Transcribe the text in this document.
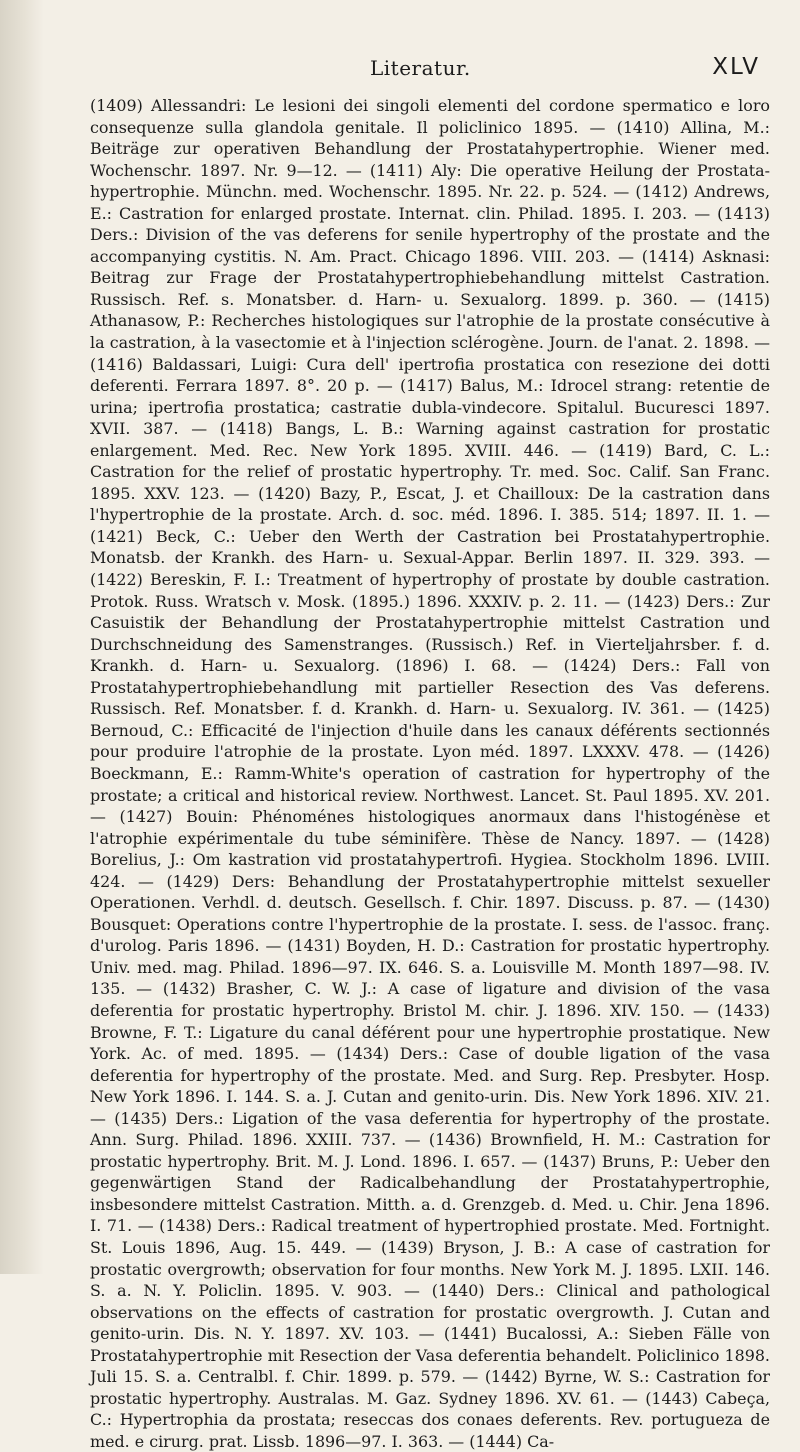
Literatur.	XLV

(1409) Allessandri: Le lesioni dei singoli elementi del cordone spermatico e loro consequenze sulla glandola genitale. Il policlinico 1895. — (1410) Allina, M.: Beiträge zur operativen Behandlung der Prostatahypertrophie. Wiener med. Wochenschr. 1897. Nr. 9—12. — (1411) Aly: Die operative Heilung der Prostata-hypertrophie. Münchn. med. Wochenschr. 1895. Nr. 22. p. 524. — (1412) Andrews, E.: Castration for enlarged prostate. Internat. clin. Philad. 1895. I. 203. — (1413) Ders.: Division of the vas deferens for senile hypertrophy of the prostate and the accompanying cystitis. N. Am. Pract. Chicago 1896. VIII. 203. — (1414) Asknasi: Beitrag zur Frage der Prostatahypertrophiebehandlung mittelst Castration. Russisch. Ref. s. Monatsber. d. Harn- u. Sexualorg. 1899. p. 360. — (1415) Athanasow, P.: Recherches histologiques sur l'atrophie de la prostate consécutive à la castration, à la vasectomie et à l'injection sclérogène. Journ. de l'anat. 2. 1898. — (1416) Baldassari, Luigi: Cura dell' ipertrofia prostatica con resezione dei dotti deferenti. Ferrara 1897. 8°. 20 p. — (1417) Balus, M.: Idrocel strang: retentie de urina; ipertrofia prostatica; castratie dubla-vindecore. Spitalul. Bucuresci 1897. XVII. 387. — (1418) Bangs, L. B.: Warning against castration for prostatic enlargement. Med. Rec. New York 1895. XVIII. 446. — (1419) Bard, C. L.: Castration for the relief of prostatic hypertrophy. Tr. med. Soc. Calif. San Franc. 1895. XXV. 123. — (1420) Bazy, P., Escat, J. et Chailloux: De la castration dans l'hypertrophie de la prostate. Arch. d. soc. méd. 1896. I. 385. 514; 1897. II. 1. — (1421) Beck, C.: Ueber den Werth der Castration bei Prostatahypertrophie. Monatsb. der Krankh. des Harn- u. Sexual-Appar. Berlin 1897. II. 329. 393. — (1422) Bereskin, F. I.: Treatment of hypertrophy of prostate by double castration. Protok. Russ. Wratsch v. Mosk. (1895.) 1896. XXXIV. p. 2. 11. — (1423) Ders.: Zur Casuistik der Behandlung der Prostatahypertrophie mittelst Castration und Durchschneidung des Samenstranges. (Russisch.) Ref. in Vierteljahrsber. f. d. Krankh. d. Harn- u. Sexualorg. (1896) I. 68. — (1424) Ders.: Fall von Prostatahypertrophiebehandlung mit partieller Resection des Vas deferens. Russisch. Ref. Monatsber. f. d. Krankh. d. Harn- u. Sexualorg. IV. 361. — (1425) Bernoud, C.: Efficacité de l'injection d'huile dans les canaux déférents sectionnés pour produire l'atrophie de la prostate. Lyon méd. 1897. LXXXV. 478. — (1426) Boeckmann, E.: Ramm-White's operation of castration for hypertrophy of the prostate; a critical and historical review. Northwest. Lancet. St. Paul 1895. XV. 201. — (1427) Bouin: Phénoménes histologiques anormaux dans l'histogénèse et l'atrophie expérimentale du tube séminifère. Thèse de Nancy. 1897. — (1428) Borelius, J.: Om kastration vid prostatahypertrofi. Hygiea. Stockholm 1896. LVIII. 424. — (1429) Ders: Behandlung der Prostatahypertrophie mittelst sexueller Operationen. Verhdl. d. deutsch. Gesellsch. f. Chir. 1897. Discuss. p. 87. — (1430) Bousquet: Operations contre l'hypertrophie de la prostate. I. sess. de l'assoc. franç. d'urolog. Paris 1896. — (1431) Boyden, H. D.: Castration for prostatic hypertrophy. Univ. med. mag. Philad. 1896—97. IX. 646. S. a. Louisville M. Month 1897—98. IV. 135. — (1432) Brasher, C. W. J.: A case of ligature and division of the vasa deferentia for prostatic hypertrophy. Bristol M. chir. J. 1896. XIV. 150. — (1433) Browne, F. T.: Ligature du canal déférent pour une hypertrophie prostatique. New York. Ac. of med. 1895. — (1434) Ders.: Case of double ligation of the vasa deferentia for hypertrophy of the prostate. Med. and Surg. Rep. Presbyter. Hosp. New York 1896. I. 144. S. a. J. Cutan and genito-urin. Dis. New York 1896. XIV. 21. — (1435) Ders.: Ligation of the vasa deferentia for hypertrophy of the prostate. Ann. Surg. Philad. 1896. XXIII. 737. — (1436) Brownfield, H. M.: Castration for prostatic hypertrophy. Brit. M. J. Lond. 1896. I. 657. — (1437) Bruns, P.: Ueber den gegenwärtigen Stand der Radicalbehandlung der Prostatahypertrophie, insbesondere mittelst Castration. Mitth. a. d. Grenzgeb. d. Med. u. Chir. Jena 1896. I. 71. — (1438) Ders.: Radical treatment of hypertrophied prostate. Med. Fortnight. St. Louis 1896, Aug. 15. 449. — (1439) Bryson, J. B.: A case of castration for prostatic overgrowth; observation for four months. New York M. J. 1895. LXII. 146. S. a. N. Y. Policlin. 1895. V. 903. — (1440) Ders.: Clinical and pathological observations on the effects of castration for prostatic overgrowth. J. Cutan and genito-urin. Dis. N. Y. 1897. XV. 103. — (1441) Bucalossi, A.: Sieben Fälle von Prostatahypertrophie mit Resection der Vasa deferentia behandelt. Policlinico 1898. Juli 15. S. a. Centralbl. f. Chir. 1899. p. 579. — (1442) Byrne, W. S.: Castration for prostatic hypertrophy. Australas. M. Gaz. Sydney 1896. XV. 61. — (1443) Cabeça, C.: Hypertrophia da prostata; reseccas dos conaes deferents. Rev. portugueza de med. e cirurg. prat. Lissb. 1896—97. I. 363. — (1444) Ca-
